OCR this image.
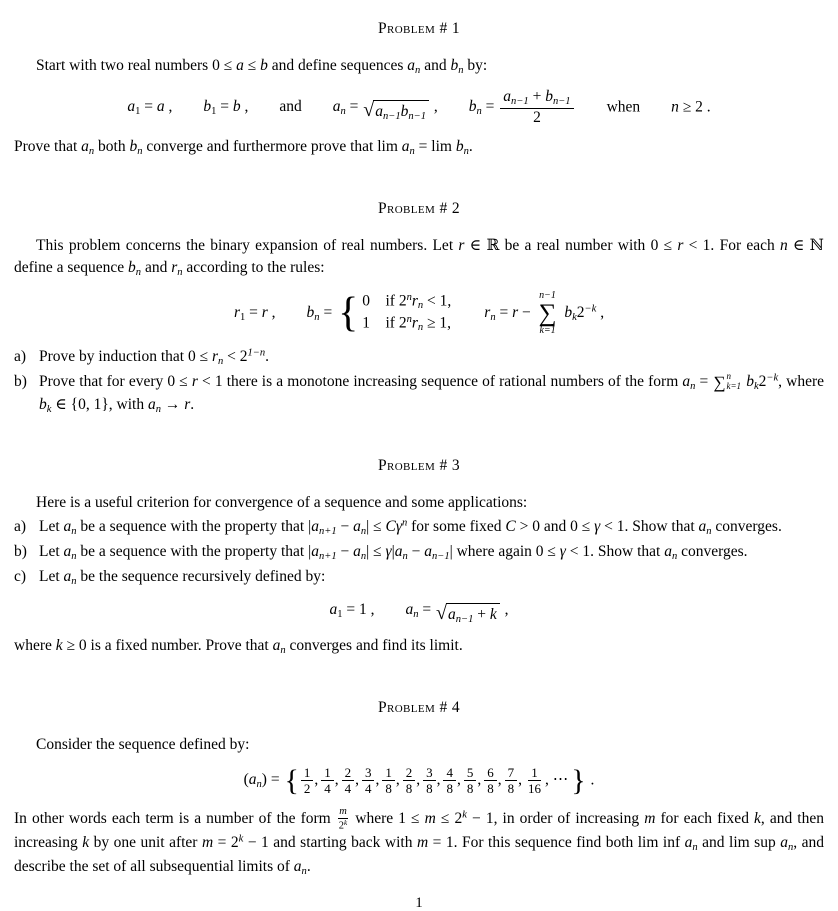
Problem # 1

Start with two real numbers 0 ≤ a ≤ b and define sequences an and bn by:

a1 = a ,   b1 = b ,  and  an = √ an−1bn−1
,  bn = $\frac{an-1 + bn-1}{2}$   when  n ≥ 2 .

Prove that an both bn converge and furthermore prove that lim an = lim bn.

Problem # 2

This problem concerns the binary expansion of real numbers. Let r ∈ ℝ be a real number with 0 ≤ r < 1. For each n ∈ ℕ define a sequence bn and rn according to the rules:

r1 = r ,   bn = { 0 if $2^nrn < 1$,
1 if $2^nrn \ge 1$,
  rn = r −
n−1
∑
k=1
$bk2^{-k}$ ,
a) Prove by induction that 0 ≤ rn < $2^{1-n}$.
b) Prove that for every 0 ≤ r < 1 there is a monotone increasing sequence of rational numbers of the form an = ∑ n
k=1 $bk2^{-k}$, where bk ∈ {0, 1}, with an → r.
Problem # 3

Here is a useful criterion for convergence of a sequence and some applications:

a) Let an be a sequence with the property that $|an+1 - an| \le C\gamma^n$ for some fixed C > 0 and 0 ≤ γ < 1. Show that an converges.
b) Let an be a sequence with the property that |an+1 − an| ≤ γ|an − an−1| where again 0 ≤ γ < 1. Show that an converges.
c) Let an be the sequence recursively defined by:
a1 = 1 ,   an = √ an−1 + k ,

where k ≥ 0 is a fixed number. Prove that an converges and find its limit.

Problem # 4

Consider the sequence defined by:

(an) = { $\frac{1}{2}$ , $\frac{1}{4}$ , $\frac{2}{4}$ , $\frac{3}{4}$ , $\frac{1}{8}$ , $\frac{2}{8}$ , $\frac{3}{8}$ , $\frac{4}{8}$ , $\frac{5}{8}$ , $\frac{6}{8}$ , $\frac{7}{8}$ , $\frac{1}{16}$ , ⋯ } .

In other words each term is a number of the form $\frac{m}{2^k}$ where $1 \le m \le 2^k - 1$, in order of increasing m for each fixed k, and then increasing k by one unit after $m = 2^k - 1$ and starting back with m = 1. For this sequence find both lim inf an and lim sup an, and describe the set of all subsequential limits of an.

1
